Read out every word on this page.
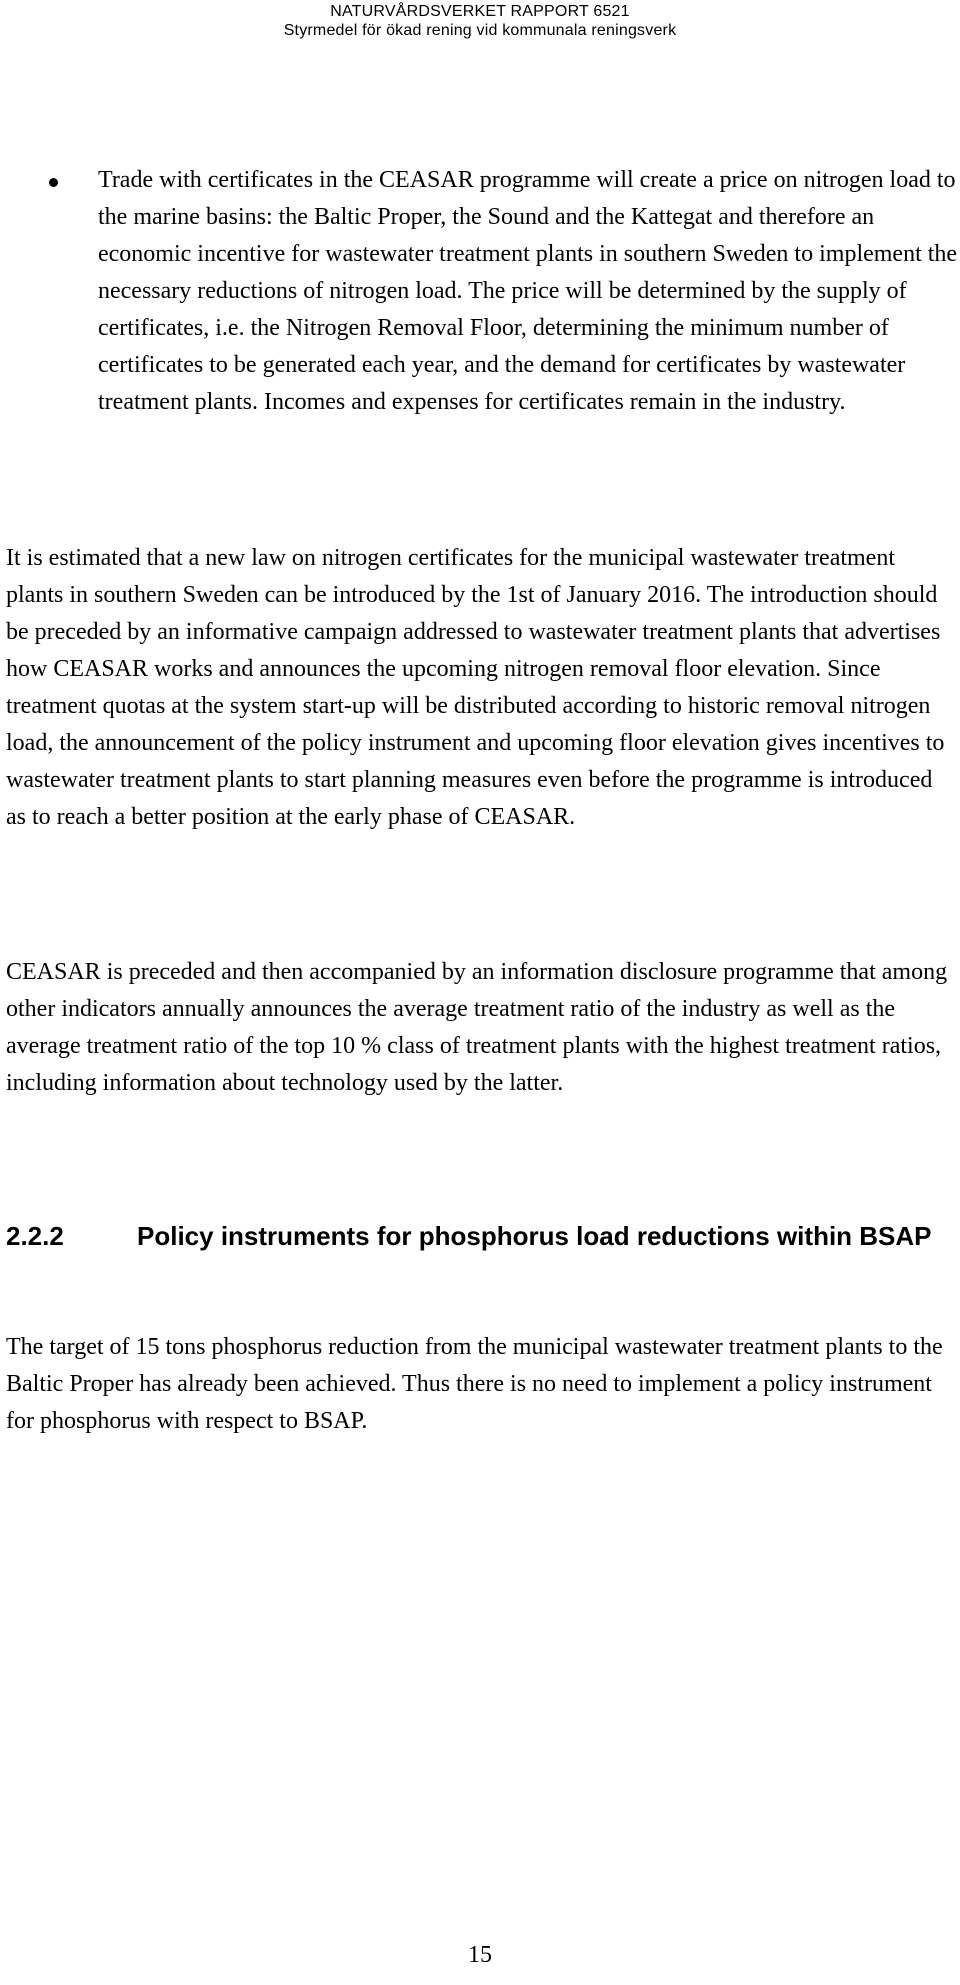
NATURVÅRDSVERKET RAPPORT 6521
Styrmedel för ökad rening vid kommunala reningsverk

Trade with certificates in the CEASAR programme will create a price on nitrogen load to the marine basins: the Baltic Proper, the Sound and the Kattegat and therefore an economic incentive for wastewater treatment plants in southern Sweden to implement the necessary reductions of nitrogen load. The price will be determined by the supply of certificates, i.e. the Nitrogen Removal Floor, determining the minimum number of certificates to be generated each year, and the demand for certificates by wastewater treatment plants. Incomes and expenses for certificates remain in the industry.

It is estimated that a new law on nitrogen certificates for the municipal wastewater treatment plants in southern Sweden can be introduced by the 1st of January 2016. The introduction should be preceded by an informative campaign addressed to wastewater treatment plants that advertises how CEASAR works and announces the upcoming nitrogen removal floor elevation. Since treatment quotas at the system start-up will be distributed according to historic removal nitrogen load, the announcement of the policy instrument and upcoming floor elevation gives incentives to wastewater treatment plants to start planning measures even before the programme is introduced as to reach a better position at the early phase of CEASAR.

CEASAR is preceded and then accompanied by an information disclosure programme that among other indicators annually announces the average treatment ratio of the industry as well as the average treatment ratio of the top 10 % class of treatment plants with the highest treatment ratios, including information about technology used by the latter.

2.2.2	Policy instruments for phosphorus load reductions within BSAP

The target of 15 tons phosphorus reduction from the municipal wastewater treatment plants to the Baltic Proper has already been achieved. Thus there is no need to implement a policy instrument for phosphorus with respect to BSAP.

15
